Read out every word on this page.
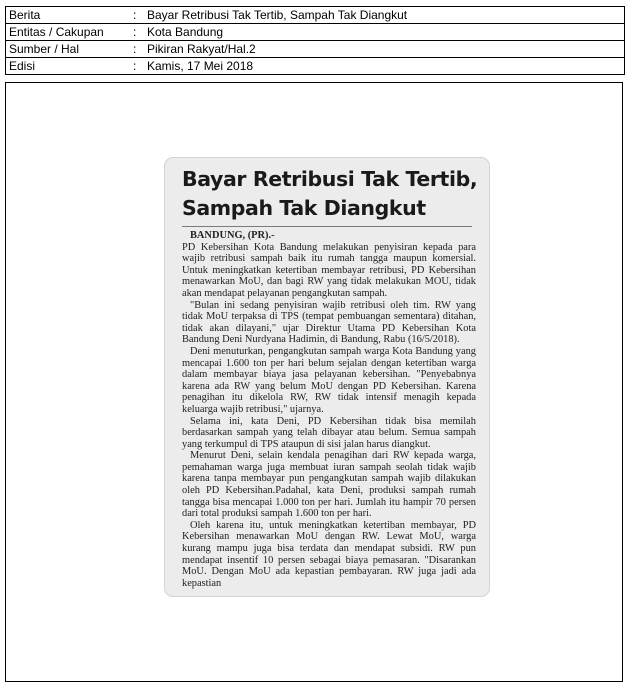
Berita	: Bayar Retribusi Tak Tertib, Sampah Tak Diangkut
Entitas / Cakupan	: Kota Bandung
Sumber / Hal	: Pikiran Rakyat/Hal.2
Edisi	: Kamis, 17 Mei 2018
Bayar Retribusi Tak Tertib, Sampah Tak Diangkut

BANDUNG, (PR).-
PD Kebersihan Kota Bandung melakukan penyisiran kepada para wajib retribusi sampah baik itu rumah tangga maupun komersial. Untuk meningkatkan ketertiban membayar retribusi, PD Kebersihan menawarkan MoU, dan bagi RW yang tidak melakukan MOU, tidak akan mendapat pelayanan pengangkutan sampah.

"Bulan ini sedang penyisiran wajib retribusi oleh tim. RW yang tidak MoU terpaksa di TPS (tempat pembuangan sementara) ditahan, tidak akan dilayani," ujar Direktur Utama PD Kebersihan Kota Bandung Deni Nurdyana Hadimin, di Bandung, Rabu (16/5/2018).

Deni menuturkan, pengangkutan sampah warga Kota Bandung yang mencapai 1.600 ton per hari belum sejalan dengan ketertiban warga dalam membayar biaya jasa pelayanan kebersihan. "Penyebabnya karena ada RW yang belum MoU dengan PD Kebersihan. Karena penagihan itu dikelola RW, RW tidak intensif menagih kepada keluarga wajib retribusi," ujarnya.

Selama ini, kata Deni, PD Kebersihan tidak bisa memilah berdasarkan sampah yang telah dibayar atau belum. Semua sampah yang terkumpul di TPS ataupun di sisi jalan harus diangkut.

Menurut Deni, selain kendala penagihan dari RW kepada warga, pemahaman warga juga membuat iuran sampah seolah tidak wajib karena tanpa membayar pun pengangkutan sampah wajib dilakukan oleh PD Kebersihan.Padahal, kata Deni, produksi sampah rumah tangga bisa mencapai 1.000 ton per hari. Jumlah itu hampir 70 persen dari total produksi sampah 1.600 ton per hari.

Oleh karena itu, untuk meningkatkan ketertiban membayar, PD Kebersihan menawarkan MoU dengan RW. Lewat MoU, warga kurang mampu juga bisa terdata dan mendapat subsidi. RW pun mendapat insentif 10 persen sebagai biaya pemasaran. "Disarankan MoU. Dengan MoU ada kepastian pembayaran. RW juga jadi ada kepastian
